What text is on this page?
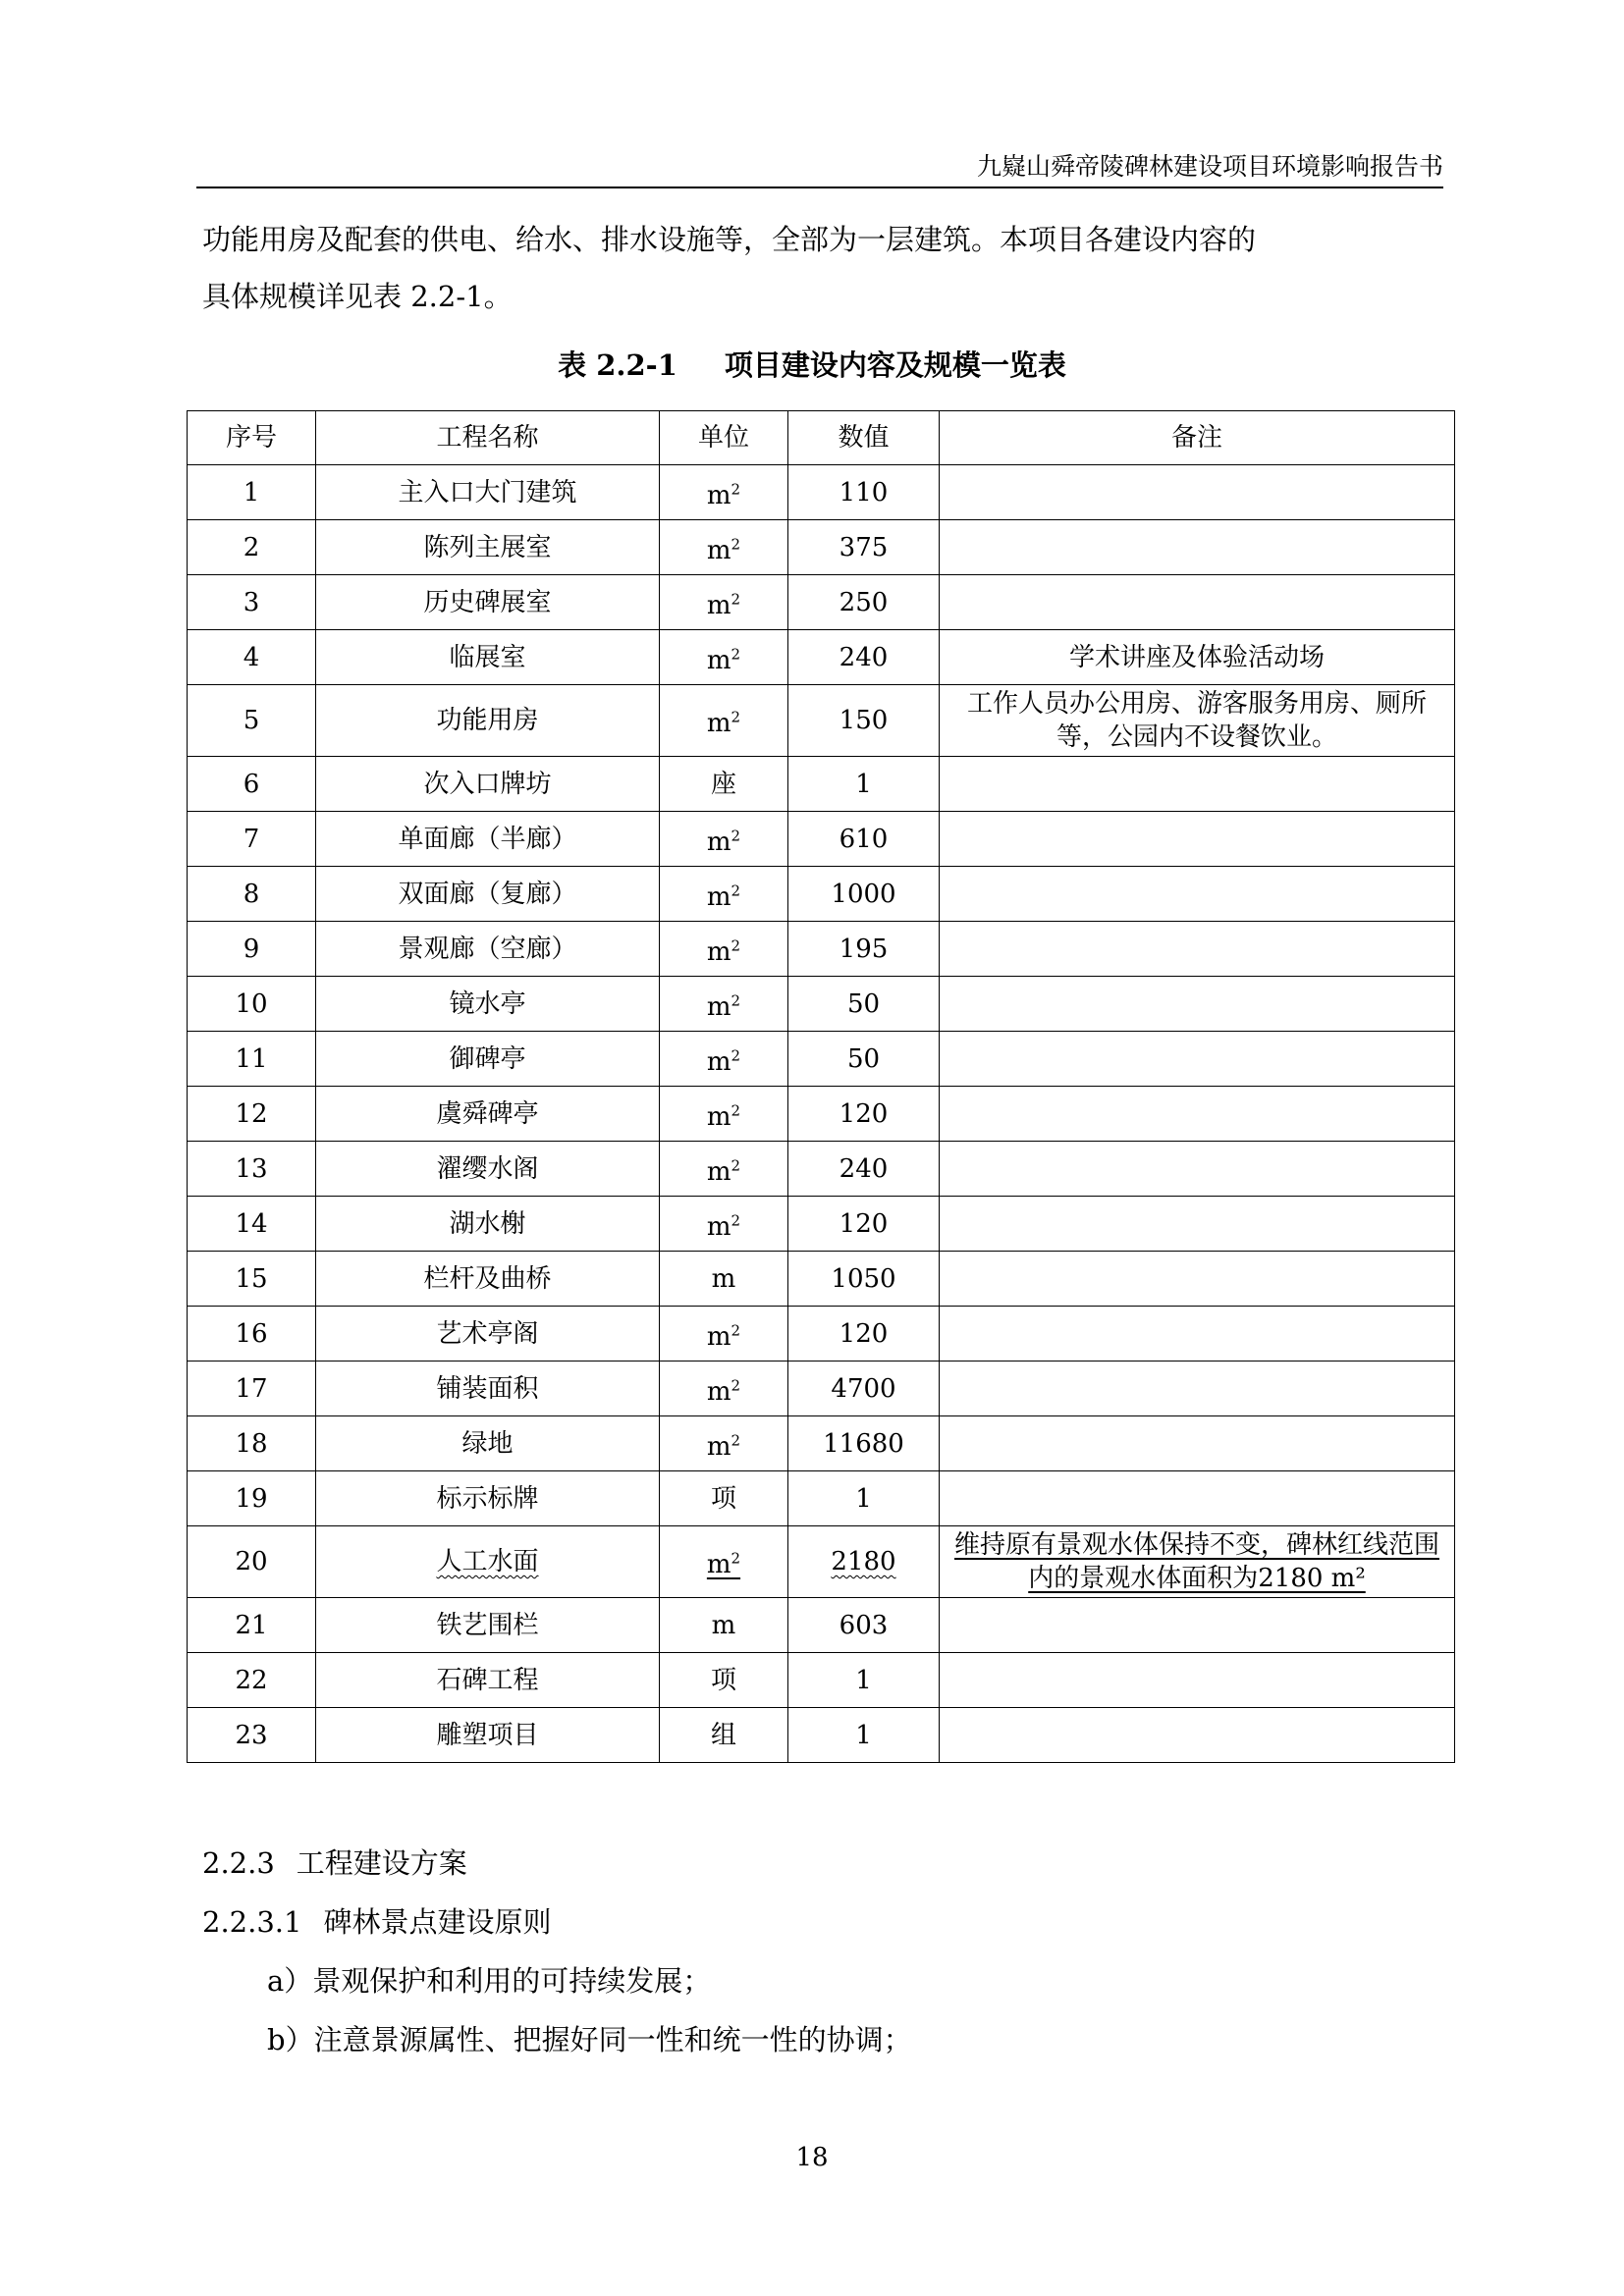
九嶷山舜帝陵碑林建设项目环境影响报告书
功能用房及配套的供电、给水、排水设施等，全部为一层建筑。本项目各建设内容的
具体规模详见表 2.2-1。
表 2.2-1 项目建设内容及规模一览表
序号	工程名称	单位	数值	备注
1	主入口大门建筑	$m^2$	110	
2	陈列主展室	$m^2$	375	
3	历史碑展室	$m^2$	250	
4	临展室	$m^2$	240	学术讲座及体验活动场
5	功能用房	$m^2$	150	工作人员办公用房、游客服务用房、厕所等，公园内不设餐饮业。
6	次入口牌坊	座	1	
7	单面廊（半廊）	$m^2$	610	
8	双面廊（复廊）	$m^2$	1000	
9	景观廊（空廊）	$m^2$	195	
10	镜水亭	$m^2$	50	
11	御碑亭	$m^2$	50	
12	虞舜碑亭	$m^2$	120	
13	濯缨水阁	$m^2$	240	
14	湖水榭	$m^2$	120	
15	栏杆及曲桥	m	1050	
16	艺术亭阁	$m^2$	120	
17	铺装面积	$m^2$	4700	
18	绿地	$m^2$	11680	
19	标示标牌	项	1	
20	人工水面	$m^2$	2180	维持原有景观水体保持不变，碑林红线范围内的景观水体面积为2180 m²
21	铁艺围栏	m	603	
22	石碑工程	项	1	
23	雕塑项目	组	1	
2.2.3 工程建设方案
2.2.3.1 碑林景点建设原则
a）景观保护和利用的可持续发展；
b）注意景源属性、把握好同一性和统一性的协调；
18
